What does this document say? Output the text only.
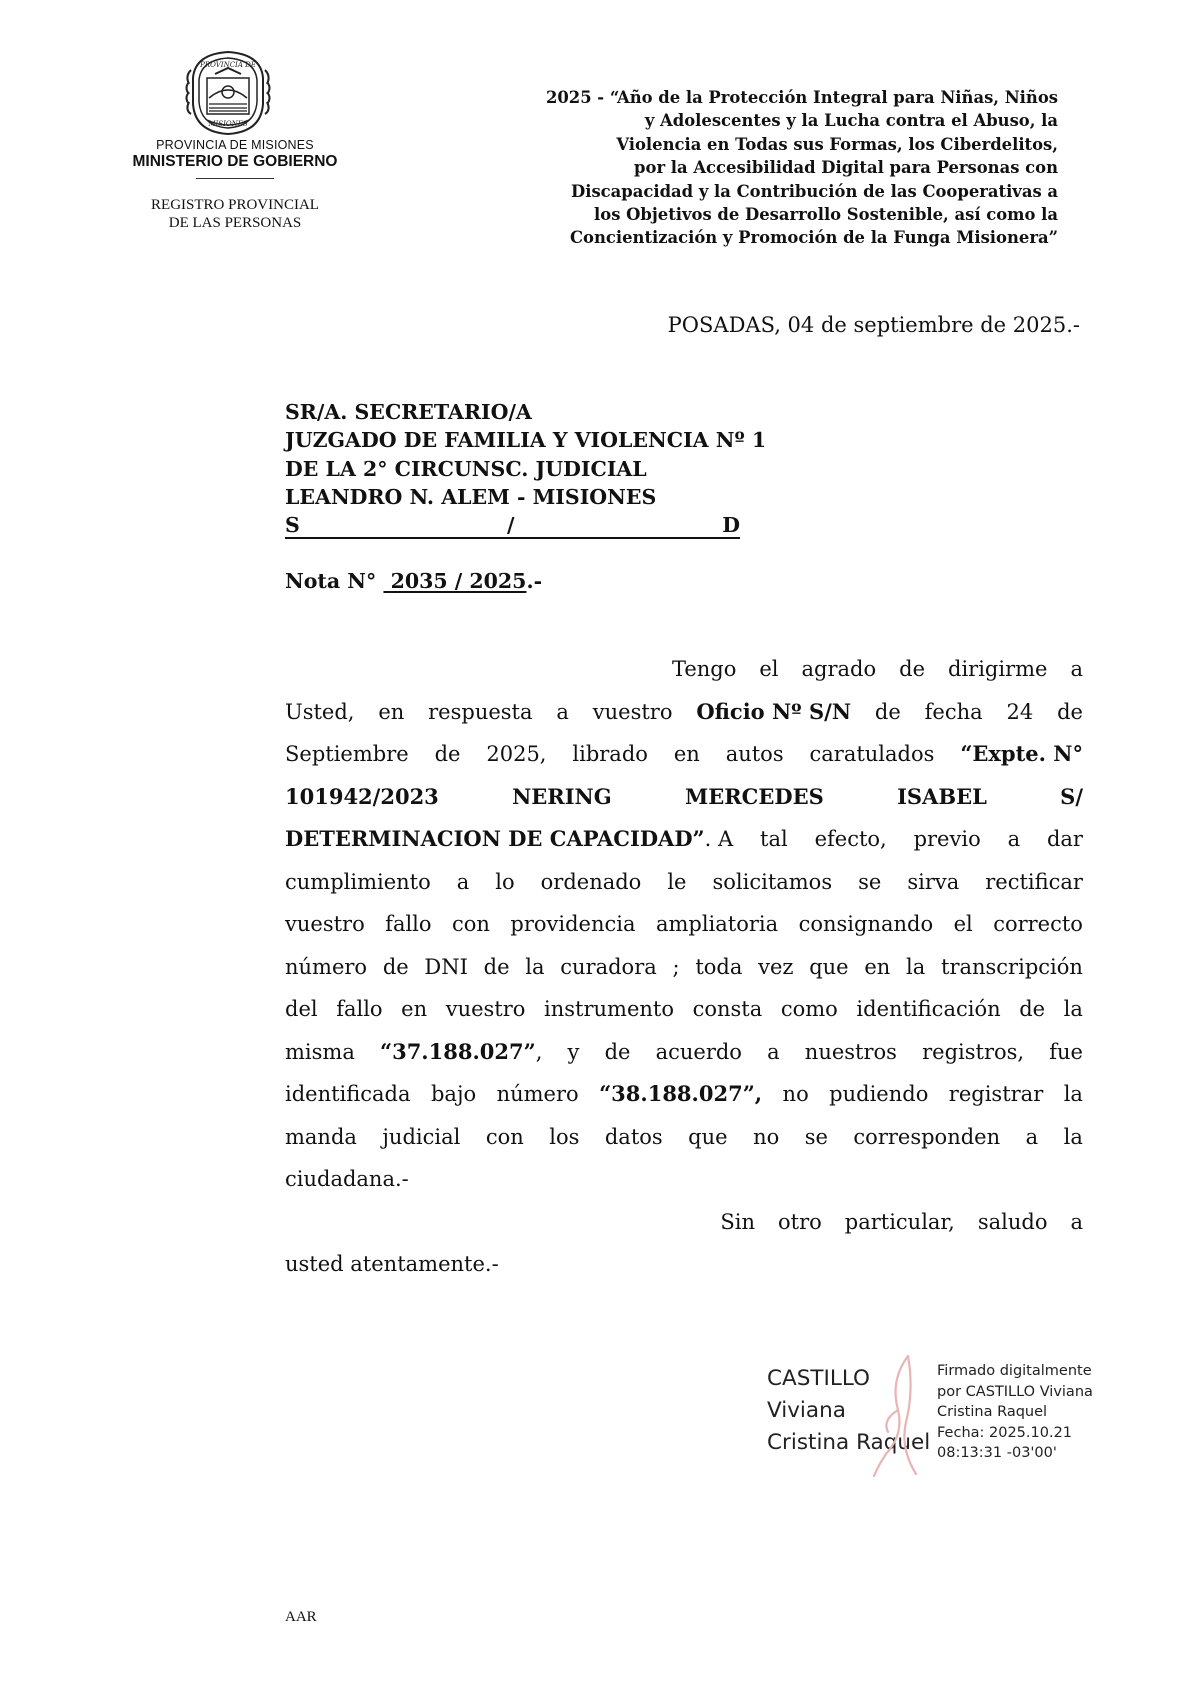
PROVINCIA DE
MISIONES
PROVINCIA DE MISIONES
MINISTERIO DE GOBIERNO
REGISTRO PROVINCIAL
DE LAS PERSONAS
2025 - “Año de la Protección Integral para Niñas, Niños
y Adolescentes y la Lucha contra el Abuso, la
Violencia en Todas sus Formas, los Ciberdelitos,
por la Accesibilidad Digital para Personas con
Discapacidad y la Contribución de las Cooperativas a
los Objetivos de Desarrollo Sostenible, así como la
Concientización y Promoción de la Funga Misionera”
POSADAS, 04 de septiembre de 2025.-
SR/A. SECRETARIO/A
JUZGADO DE FAMILIA Y VIOLENCIA Nº 1
DE LA 2° CIRCUNSC. JUDICIAL
LEANDRO N. ALEM - MISIONES
S	/	D
Nota N° 2035 / 2025.-
Tengo el agrado de dirigirme a
Usted, en respuesta a vuestro Oficio Nº S/N de fecha 24 de
Septiembre de 2025, librado en autos caratulados “Expte. N°
101942/2023	NERING	MERCEDES	ISABEL	S/
DETERMINACION DE CAPACIDAD”. A tal efecto, previo a dar
cumplimiento a lo ordenado le solicitamos se sirva rectificar
vuestro fallo con providencia ampliatoria consignando el correcto
número de DNI de la curadora ; toda vez que en la transcripción
del fallo en vuestro instrumento consta como identificación de la
misma “37.188.027”, y de acuerdo a nuestros registros, fue
identificada bajo número “38.188.027”, no pudiendo registrar la
manda judicial con los datos que no se corresponden a la
ciudadana.-
Sin otro particular, saludo a
usted atentamente.-
CASTILLO
Viviana
Cristina Raquel
Firmado digitalmente
por CASTILLO Viviana
Cristina Raquel
Fecha: 2025.10.21
08:13:31 -03'00'
AAR
